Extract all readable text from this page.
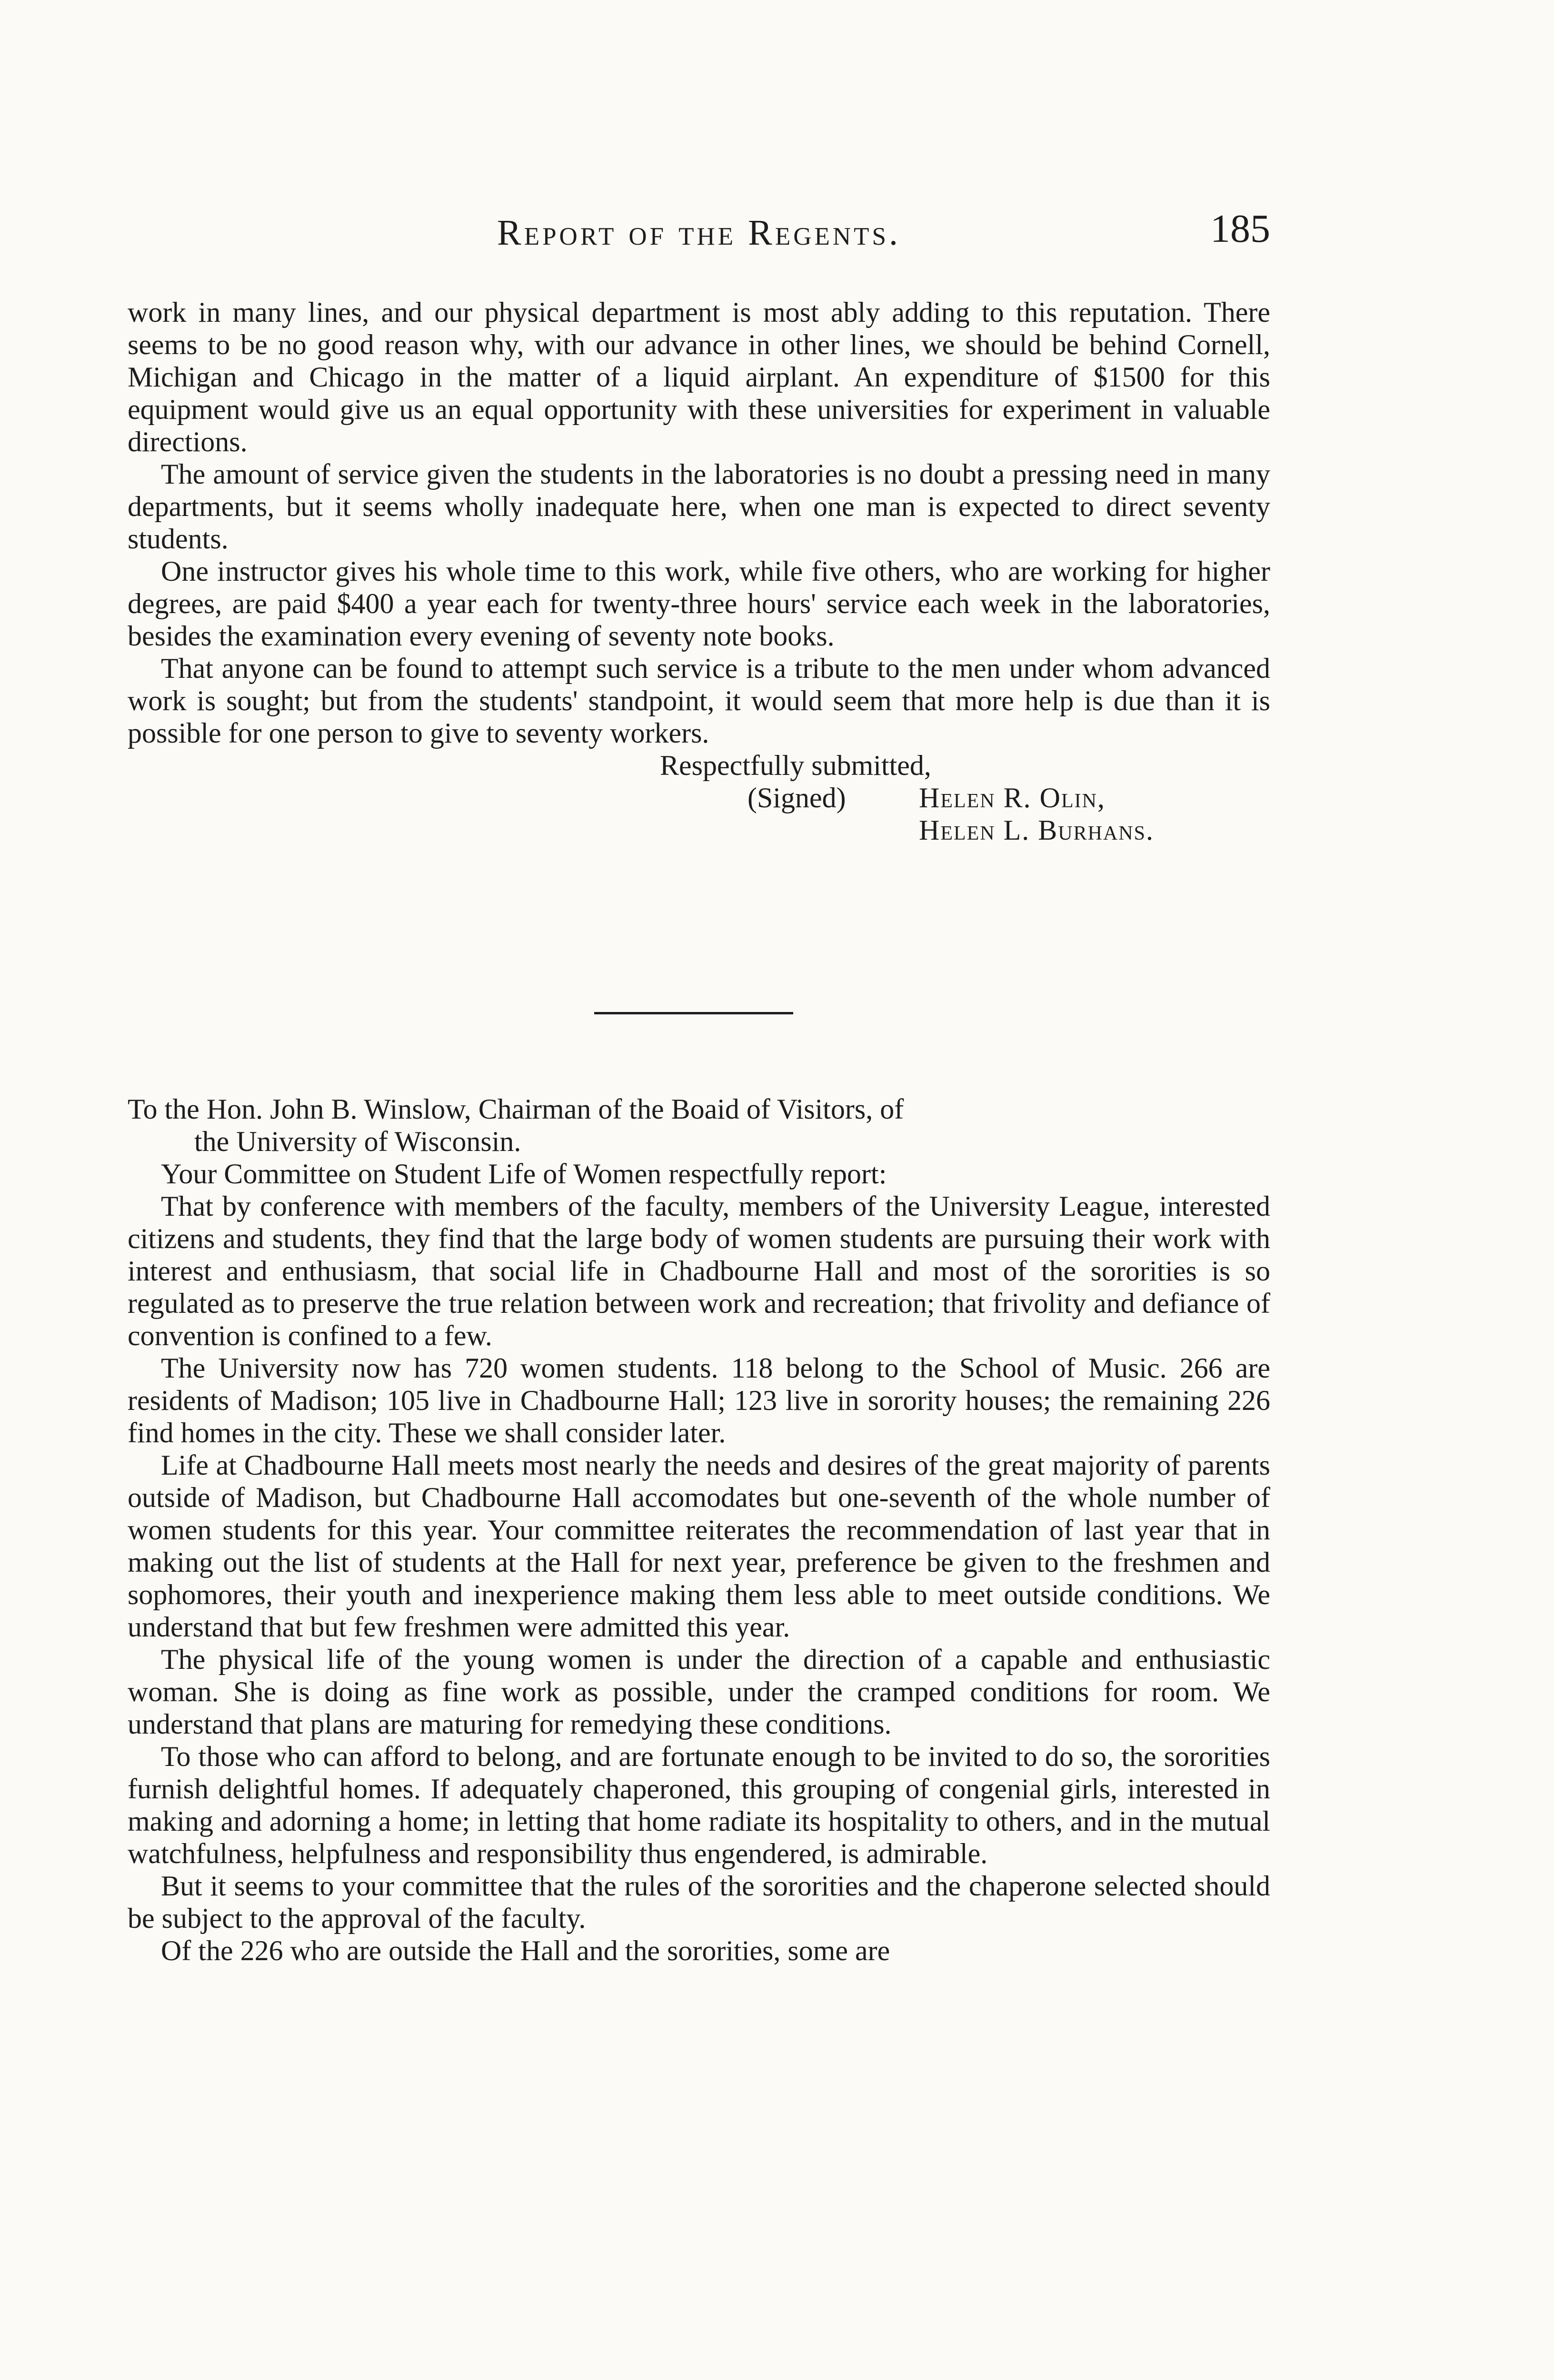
Report of the Regents.	185

work in many lines, and our physical department is most ably adding to this reputation. There seems to be no good reason why, with our advance in other lines, we should be behind Cornell, Michigan and Chicago in the matter of a liquid airplant. An expenditure of $1500 for this equipment would give us an equal opportunity with these universities for experiment in valuable directions.

The amount of service given the students in the laboratories is no doubt a pressing need in many departments, but it seems wholly inadequate here, when one man is expected to direct seventy students.

One instructor gives his whole time to this work, while five others, who are working for higher degrees, are paid $400 a year each for twenty-three hours' service each week in the laboratories, besides the examination every evening of seventy note books.

That anyone can be found to attempt such service is a tribute to the men under whom advanced work is sought; but from the students' standpoint, it would seem that more help is due than it is possible for one person to give to seventy workers.

Respectfully submitted,
(Signed)	Helen R. Olin,
Helen L. Burhans.
To the Hon. John B. Winslow, Chairman of the Boaid of Visitors, of
the University of Wisconsin.

Your Committee on Student Life of Women respectfully report:

That by conference with members of the faculty, members of the University League, interested citizens and students, they find that the large body of women students are pursuing their work with interest and enthusiasm, that social life in Chadbourne Hall and most of the sororities is so regulated as to preserve the true relation between work and recreation; that frivolity and defiance of convention is confined to a few.

The University now has 720 women students. 118 belong to the School of Music. 266 are residents of Madison; 105 live in Chadbourne Hall; 123 live in sorority houses; the remaining 226 find homes in the city. These we shall consider later.

Life at Chadbourne Hall meets most nearly the needs and desires of the great majority of parents outside of Madison, but Chadbourne Hall accomodates but one-seventh of the whole number of women students for this year. Your committee reiterates the recommendation of last year that in making out the list of students at the Hall for next year, preference be given to the freshmen and sophomores, their youth and inexperience making them less able to meet outside conditions. We understand that but few freshmen were admitted this year.

The physical life of the young women is under the direction of a capable and enthusiastic woman. She is doing as fine work as possible, under the cramped conditions for room. We understand that plans are maturing for remedying these conditions.

To those who can afford to belong, and are fortunate enough to be invited to do so, the sororities furnish delightful homes. If adequately chaperoned, this grouping of congenial girls, interested in making and adorning a home; in letting that home radiate its hospitality to others, and in the mutual watchfulness, helpfulness and responsibility thus engendered, is admirable.

But it seems to your committee that the rules of the sororities and the chaperone selected should be subject to the approval of the faculty.

Of the 226 who are outside the Hall and the sororities, some are
